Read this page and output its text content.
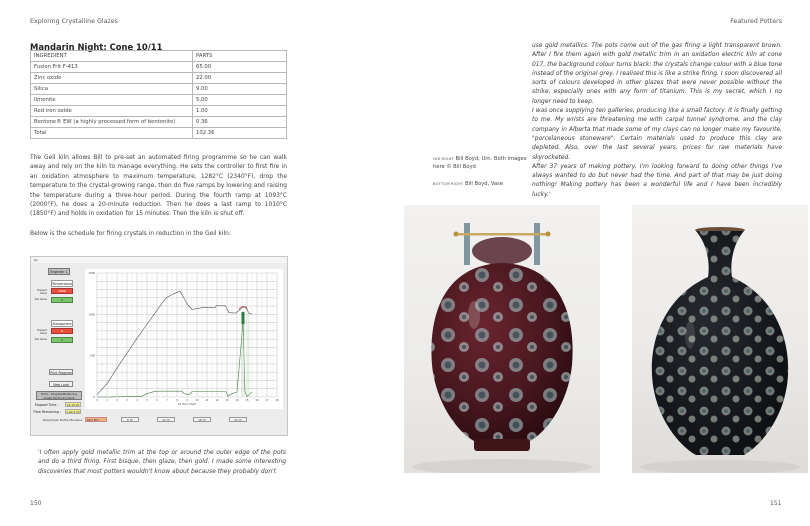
Exploring Crystalline Glazes	Featured Potters
Mandarin Night: Cone 10/11
INGREDIENT	PARTS
Fusion Frit F-413	65.00
Zinc oxide	22.00
Silica	9.00
Ilmenite	5.00
Red iron oxide	1.00
Bentone® EW (a highly processed form of bentonite)	0.36
Total	102.36

The Geil kiln allows Bill to pre-set an automated firing programme so he can walk away and rely on the kiln to manage everything. He sets the controller to first fire in an oxidation atmosphere to maximum temperature, 1282°C (2340°F), drop the temperature to the crystal-growing range, then do five ramps by lowering and raising the temperature during a three-hour period. During the fourth ramp at 1093°C (2000°F), he does a 20-minute reduction. Then he does a last ramp to 1010°C (1850°F) and holds in oxidation for 15 minutes. Then the kiln is shut off.

Below is the schedule for firing crystals in reduction in the Geil kiln:

Rp
Engineer 1
Temperature
Present Value
1000
Set Value	0
Atmosphere
Present Value
0
Set Value	5
Print Program
New Load
M.F.S. - Program/Monitoring Create the Environment
Elapsed Time :	15:15:20
Time Remaining :	1:00:3:15
Ramp/Soak Profile Filename:	Bent Bird	6 Hr	12 Hr	18 Hr	24 Hr
0
500
1000
1500
0	1	2	3	4	5	6	7	8	9	10	11	12	13	14	15	16	17	18
16 Hour Chart

'I often apply gold metallic trim at the top or around the outer edge of the pots and do a third firing. First bisque, then glaze, then gold. I made some interesting discoveries that most potters wouldn't know about because they probably don't

150

use gold metallics. The pots come out of the gas firing a light transparent brown. After I fire them again with gold metallic trim in an oxidation electric kiln at cone 017, the background colour turns black: the crystals change colour with a blue tone instead of the original grey. I realised this is like a strike firing. I soon discovered all sorts of colours developed in other glazes that were never possible without the strike, especially ones with any form of titanium. This is my secret, which I no longer need to keep.

I was once supplying ten galleries, producing like a small factory. It is finally getting to me. My wrists are threatening me with carpal tunnel syndrome, and the clay company in Alberta that made some of my clays can no longer make my favourite, "porcelaneous stoneware". Certain materials used to produce this clay are depleted. Also, over the last several years, prices for raw materials have skyrocketed.

After 37 years of making pottery, I'm looking forward to doing other things I've always wanted to do but never had the time. And part of that may be just doing nothing! Making pottery has been a wonderful life and I have been incredibly lucky.'

FAR RIGHT Bill Boyd, Urn. Both images here © Bill Boyd
BOTTOM RIGHT Bill Boyd, Vase
151
